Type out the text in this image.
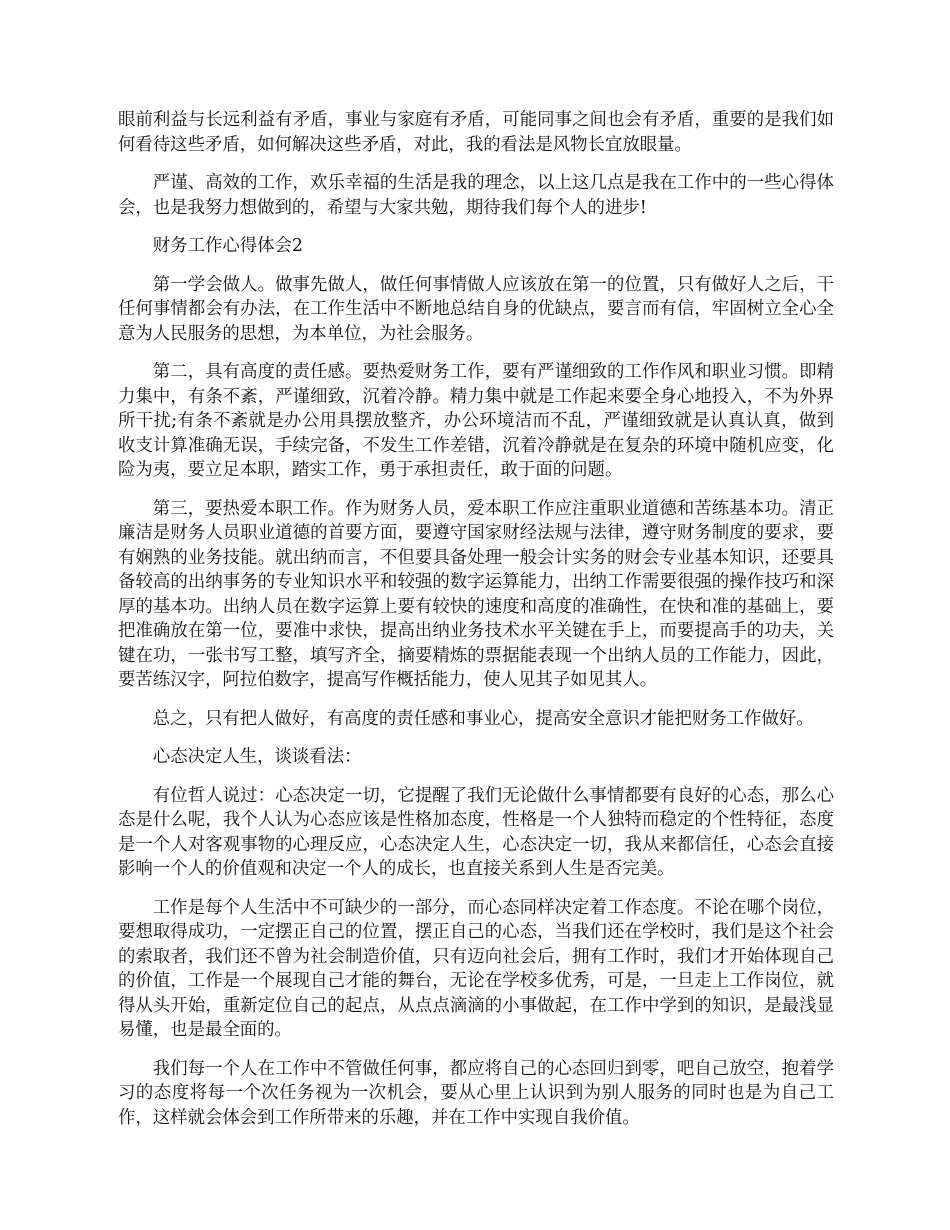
眼前利益与长远利益有矛盾，事业与家庭有矛盾，可能同事之间也会有矛盾，重要的是我们如何看待这些矛盾，如何解决这些矛盾，对此，我的看法是风物长宜放眼量。

严谨、高效的工作，欢乐幸福的生活是我的理念，以上这几点是我在工作中的一些心得体会，也是我努力想做到的，希望与大家共勉，期待我们每个人的进步!

财务工作心得体会2

第一学会做人。做事先做人，做任何事情做人应该放在第一的位置，只有做好人之后，干任何事情都会有办法，在工作生活中不断地总结自身的优缺点，要言而有信，牢固树立全心全意为人民服务的思想，为本单位，为社会服务。

第二，具有高度的责任感。要热爱财务工作，要有严谨细致的工作作风和职业习惯。即精力集中，有条不紊，严谨细致，沉着冷静。精力集中就是工作起来要全身心地投入，不为外界所干扰;有条不紊就是办公用具摆放整齐，办公环境洁而不乱，严谨细致就是认真认真，做到收支计算准确无误，手续完备，不发生工作差错，沉着冷静就是在复杂的环境中随机应变，化险为夷，要立足本职，踏实工作，勇于承担责任，敢于面的问题。

第三，要热爱本职工作。作为财务人员，爱本职工作应注重职业道德和苦练基本功。清正廉洁是财务人员职业道德的首要方面，要遵守国家财经法规与法律，遵守财务制度的要求，要有娴熟的业务技能。就出纳而言，不但要具备处理一般会计实务的财会专业基本知识，还要具备较高的出纳事务的专业知识水平和较强的数字运算能力，出纳工作需要很强的操作技巧和深厚的基本功。出纳人员在数字运算上要有较快的速度和高度的准确性，在快和准的基础上，要把准确放在第一位，要准中求快，提高出纳业务技术水平关键在手上，而要提高手的功夫，关键在功，一张书写工整，填写齐全，摘要精炼的票据能表现一个出纳人员的工作能力，因此，要苦练汉字，阿拉伯数字，提高写作概括能力，使人见其子如见其人。

总之，只有把人做好，有高度的责任感和事业心，提高安全意识才能把财务工作做好。

心态决定人生，谈谈看法：

有位哲人说过：心态决定一切，它提醒了我们无论做什么事情都要有良好的心态，那么心态是什么呢，我个人认为心态应该是性格加态度，性格是一个人独特而稳定的个性特征，态度是一个人对客观事物的心理反应，心态决定人生，心态决定一切，我从来都信任，心态会直接影响一个人的价值观和决定一个人的成长，也直接关系到人生是否完美。

工作是每个人生活中不可缺少的一部分，而心态同样决定着工作态度。不论在哪个岗位，要想取得成功，一定摆正自己的位置，摆正自己的心态，当我们还在学校时，我们是这个社会的索取者，我们还不曾为社会制造价值，只有迈向社会后，拥有工作时，我们才开始体现自己的价值，工作是一个展现自己才能的舞台，无论在学校多优秀，可是，一旦走上工作岗位，就得从头开始，重新定位自己的起点，从点点滴滴的小事做起，在工作中学到的知识，是最浅显易懂，也是最全面的。

我们每一个人在工作中不管做任何事，都应将自己的心态回归到零，吧自己放空，抱着学习的态度将每一个次任务视为一次机会，要从心里上认识到为别人服务的同时也是为自己工作，这样就会体会到工作所带来的乐趣，并在工作中实现自我价值。
